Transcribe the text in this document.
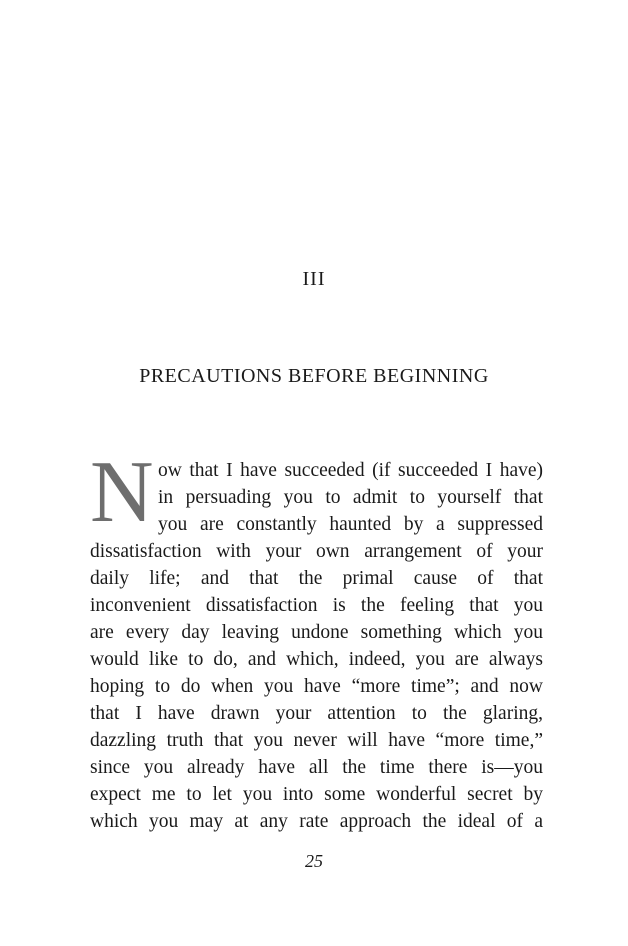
III
PRECAUTIONS BEFORE BEGINNING
N ow that I have succeeded (if succeeded I have)
in persuading you to admit to yourself that
you are constantly haunted by a suppressed
dissatisfaction with your own arrangement of your
daily life; and that the primal cause of that
inconvenient dissatisfaction is the feeling that you
are every day leaving undone something which you
would like to do, and which, indeed, you are always
hoping to do when you have “more time”; and now
that I have drawn your attention to the glaring,
dazzling truth that you never will have “more time,”
since you already have all the time there is—you
expect me to let you into some wonderful secret by
which you may at any rate approach the ideal of a
25
